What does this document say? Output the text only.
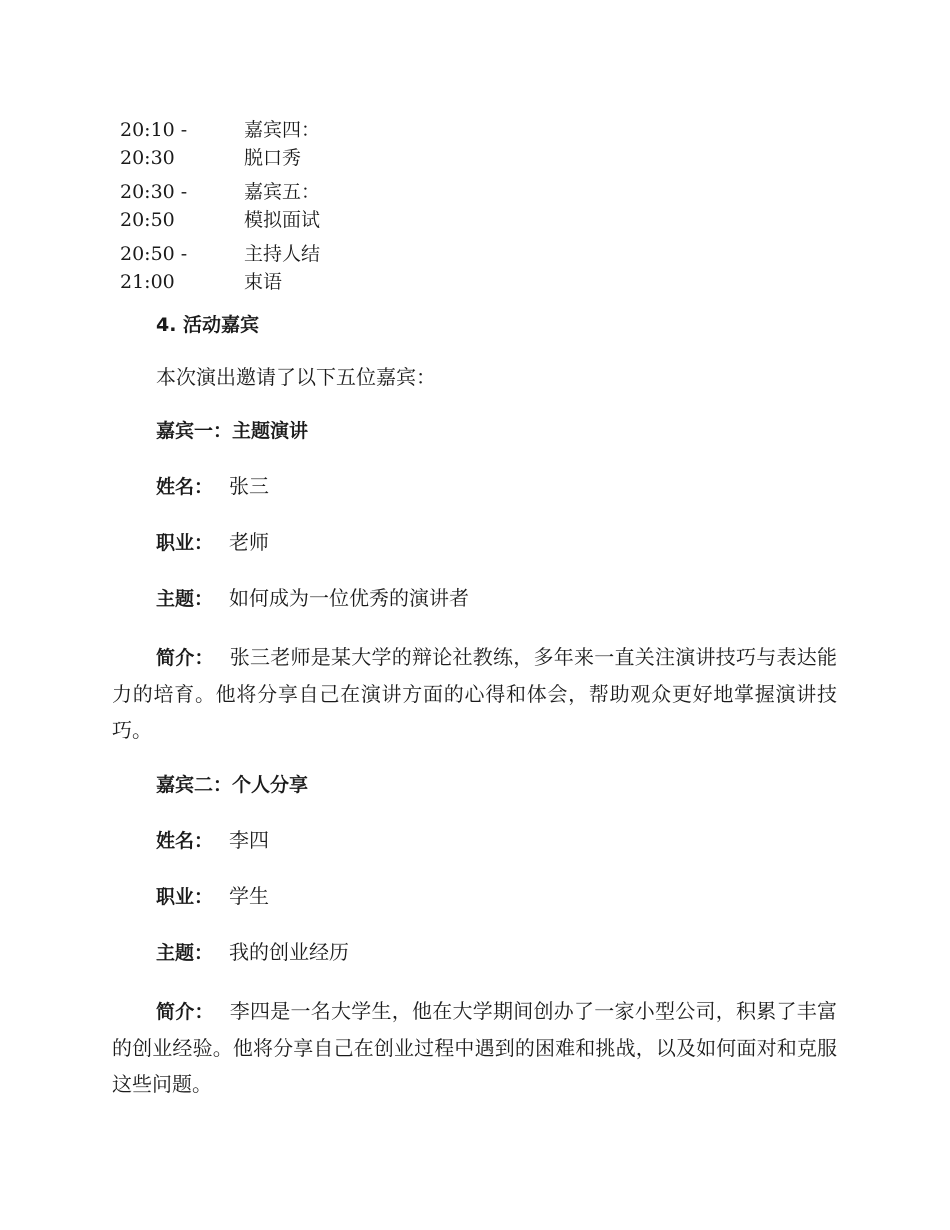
20:10 -
20:30
嘉宾四：
脱口秀
20:30 -
20:50
嘉宾五：
模拟面试
20:50 -
21:00
主持人结
束语
4. 活动嘉宾
本次演出邀请了以下五位嘉宾：
嘉宾一：主题演讲
姓名： 张三
职业： 老师
主题： 如何成为一位优秀的演讲者
简介： 张三老师是某大学的辩论社教练，多年来一直关注演讲技巧与表达能力的培育。他将分享自己在演讲方面的心得和体会，帮助观众更好地掌握演讲技巧。
嘉宾二：个人分享
姓名： 李四
职业： 学生
主题： 我的创业经历
简介： 李四是一名大学生，他在大学期间创办了一家小型公司，积累了丰富的创业经验。他将分享自己在创业过程中遇到的困难和挑战，以及如何面对和克服这些问题。
